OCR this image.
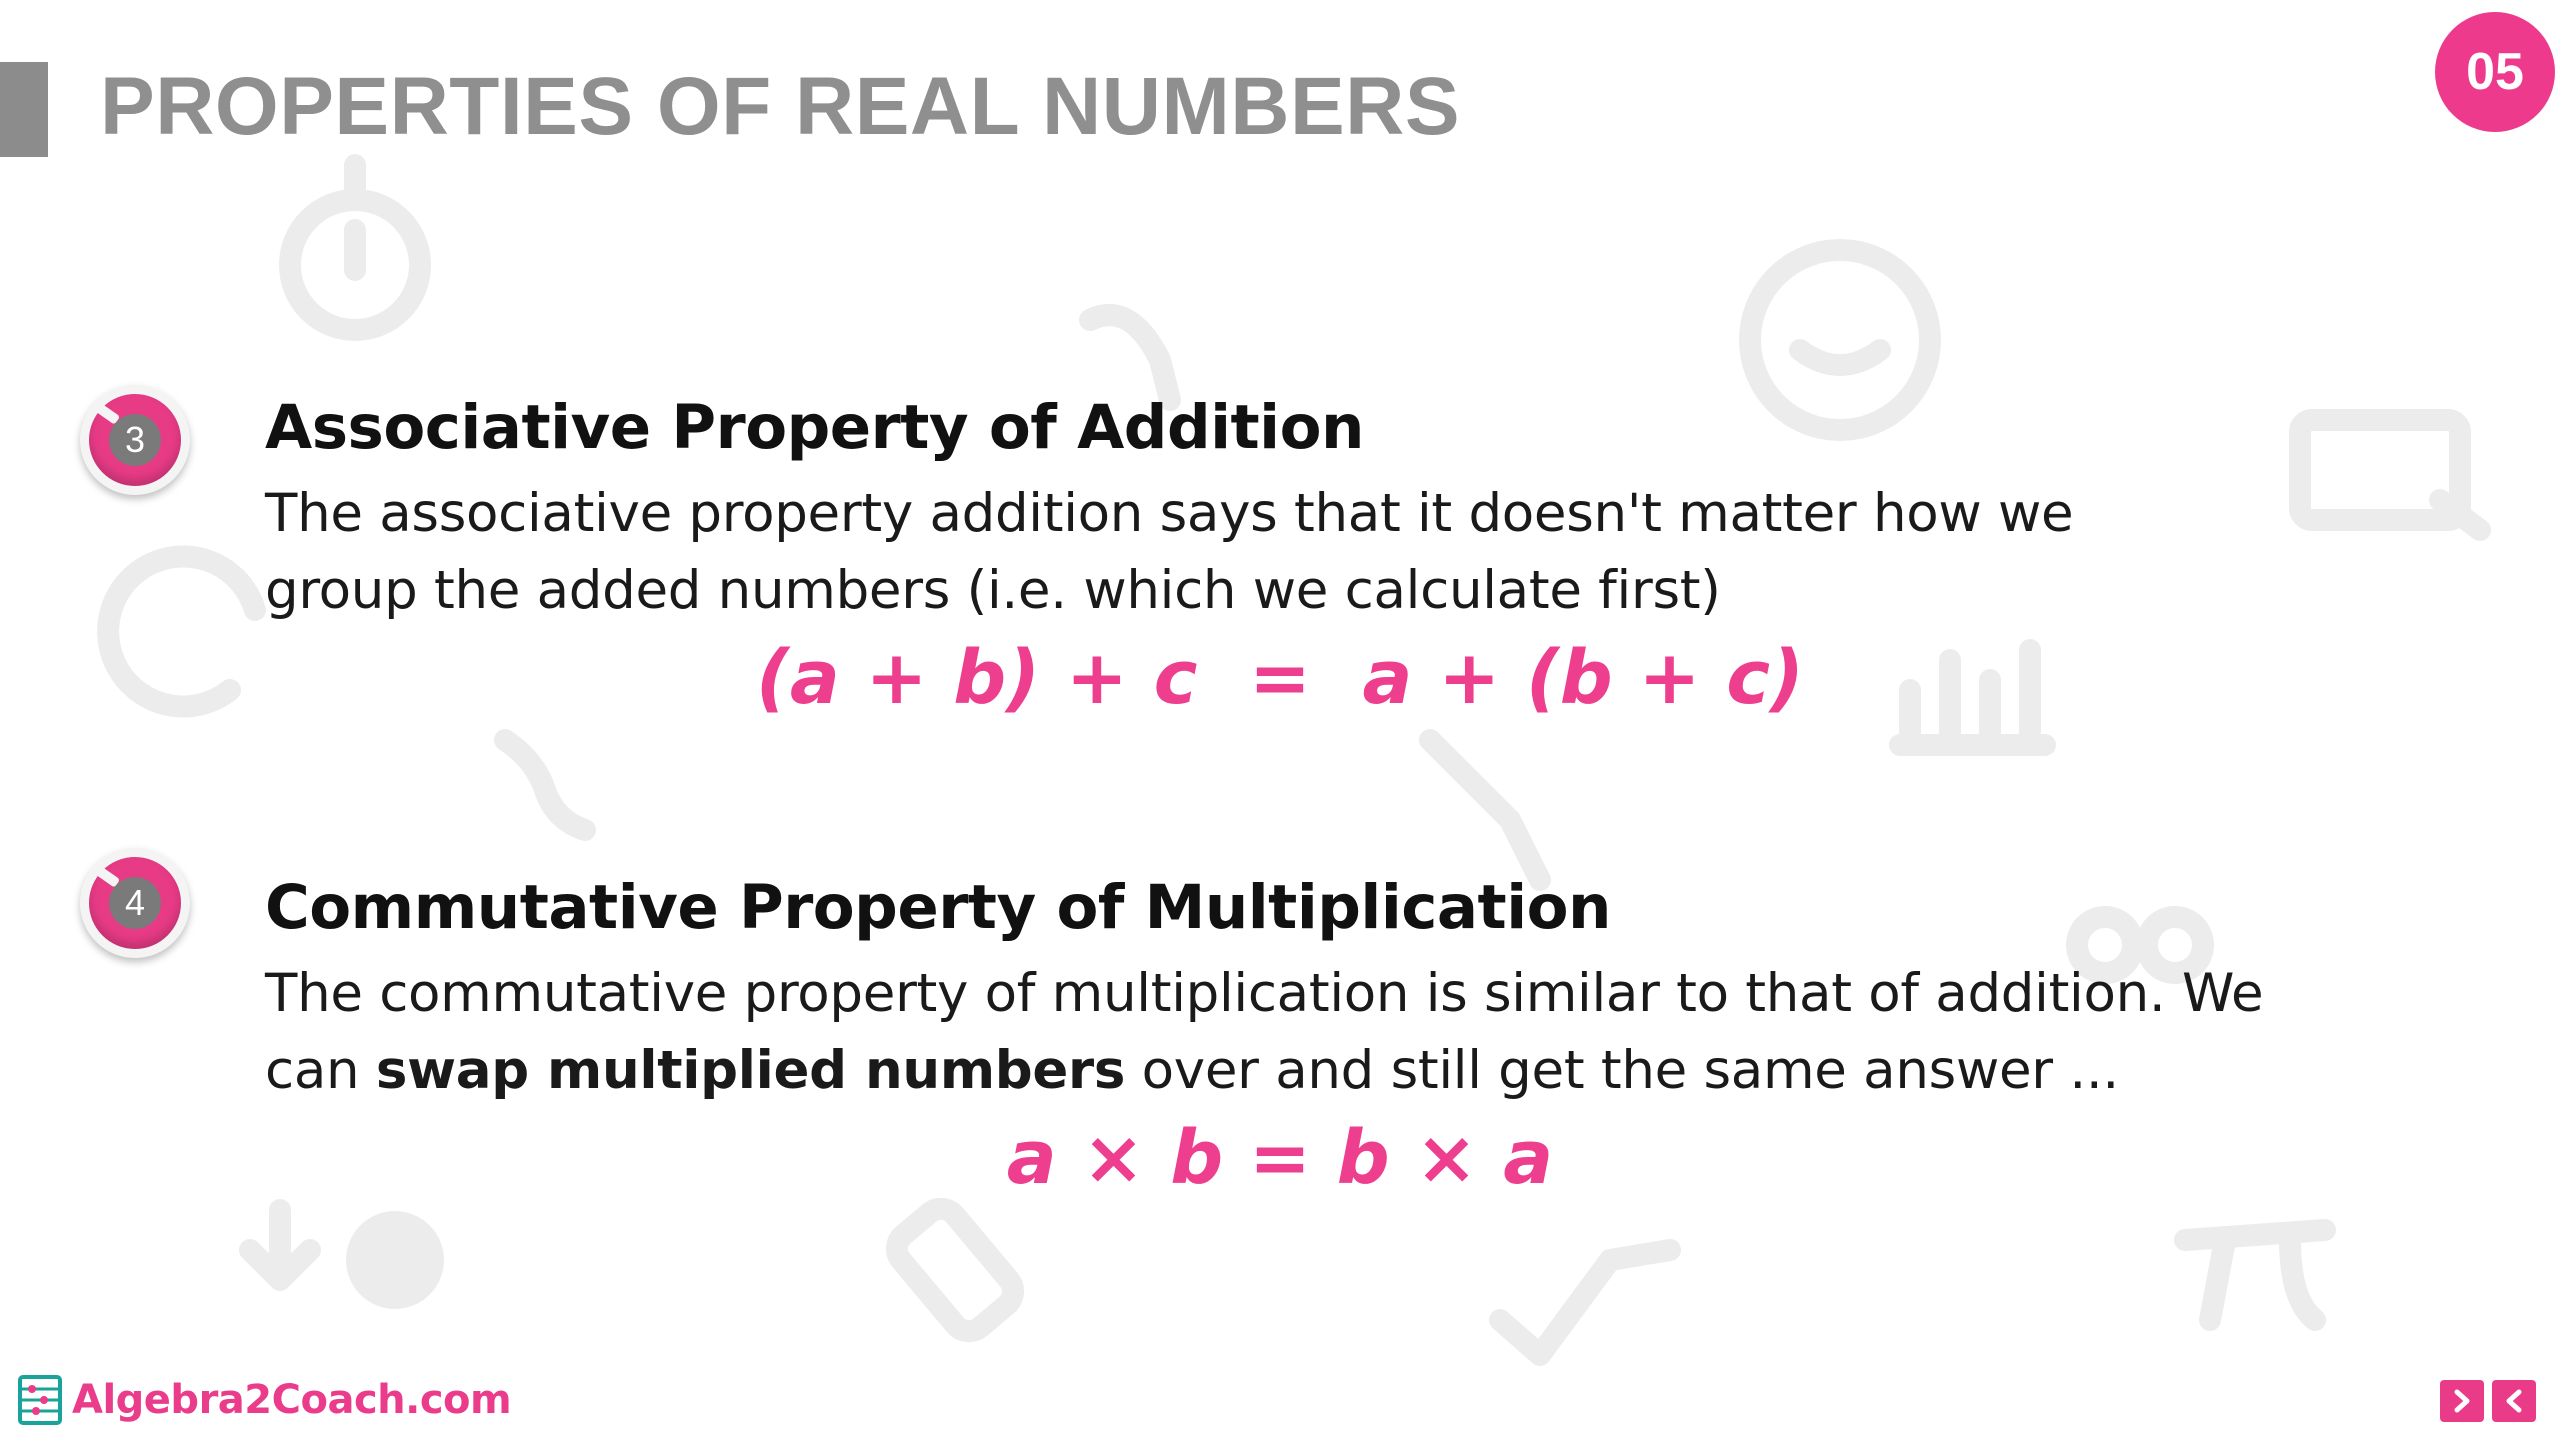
PROPERTIES OF REAL NUMBERS	05
3 Associative Property of Addition
The associative property addition says that it doesn't matter how we
group the added numbers (i.e. which we calculate first)
(a + b) + c  =  a + (b + c)
4 Commutative Property of Multiplication
The commutative property of multiplication is similar to that of addition. We
can swap multiplied numbers over and still get the same answer ...
a × b = b × a
Algebra2Coach.com
